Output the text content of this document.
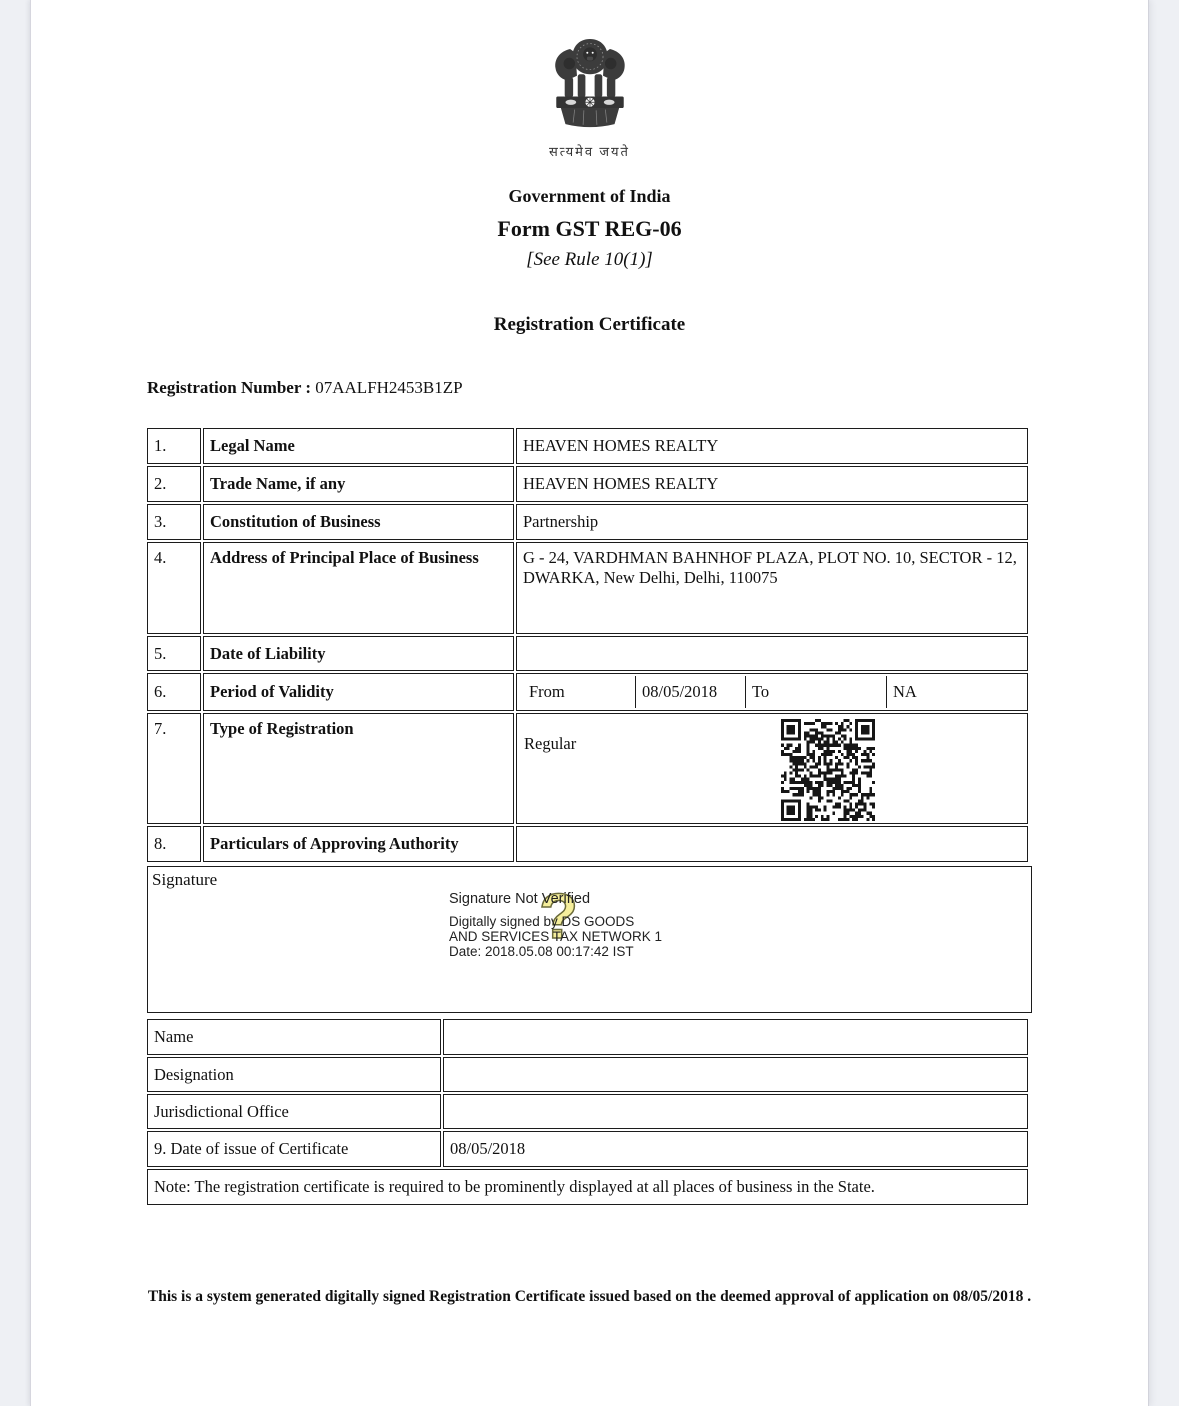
सत्यमेव जयते
Government of India
Form GST REG-06
[See Rule 10(1)]
Registration Certificate
Registration Number : 07AALFH2453B1ZP
1.	Legal Name	HEAVEN HOMES REALTY
2.	Trade Name, if any	HEAVEN HOMES REALTY
3.	Constitution of Business	Partnership
4.	Address of Principal Place of Business	G - 24, VARDHMAN BAHNHOF PLAZA, PLOT NO. 10, SECTOR - 12, DWARKA, New Delhi, Delhi, 110075
5.	Date of Liability	
6.	Period of Validity	From 08/05/2018 To NA

7.	Type of Registration	Regular

8.	Particulars of Approving Authority	
Signature
?
Signature Not Verified
Digitally signed by DS GOODS
AND SERVICES TAX NETWORK 1
Date: 2018.05.08 00:17:42 IST
Name	
Designation	
Jurisdictional Office	
9. Date of issue of Certificate	08/05/2018
Note: The registration certificate is required to be prominently displayed at all places of business in the State.	
This is a system generated digitally signed Registration Certificate issued based on the deemed approval of application on 08/05/2018 .
